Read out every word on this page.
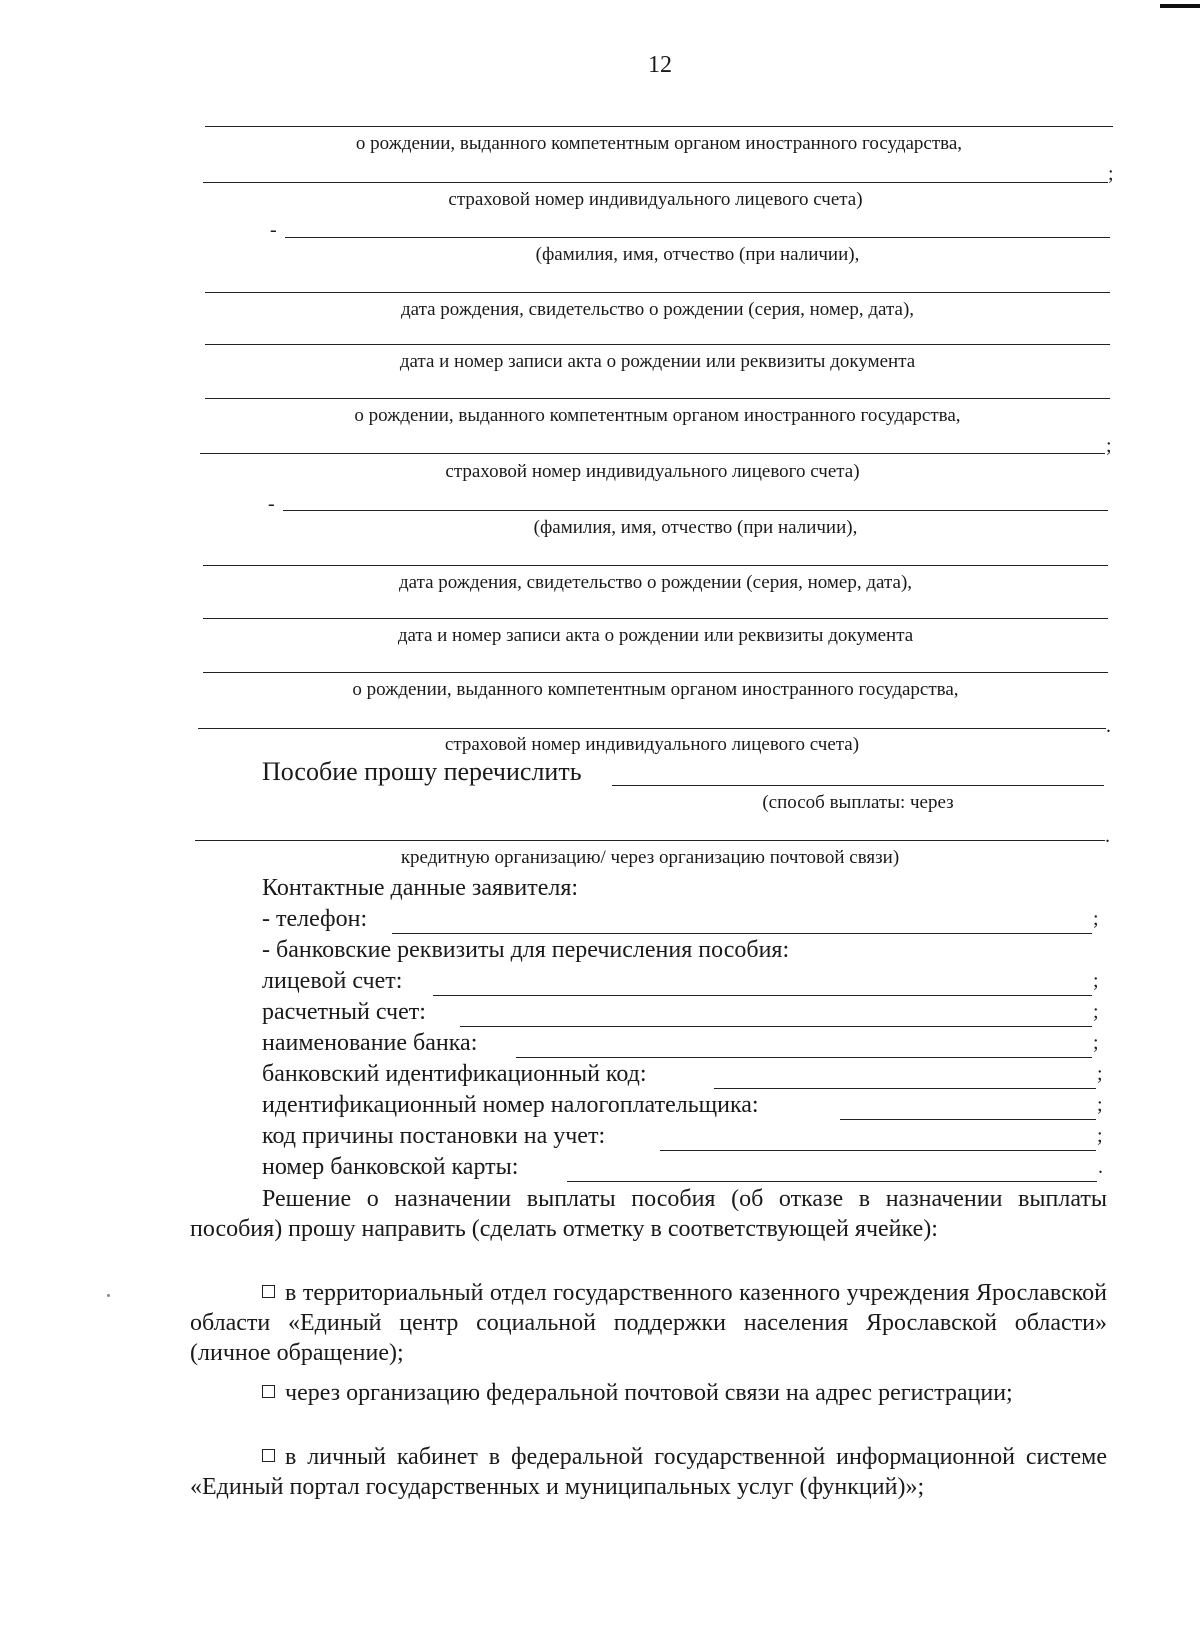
12
о рождении, выданного компетентным органом иностранного государства,
;
страховой номер индивидуального лицевого счета)
-
(фамилия, имя, отчество (при наличии),
дата рождения, свидетельство о рождении (серия, номер, дата),
дата и номер записи акта о рождении или реквизиты документа
о рождении, выданного компетентным органом иностранного государства,
;
страховой номер индивидуального лицевого счета)
-
(фамилия, имя, отчество (при наличии),
дата рождения, свидетельство о рождении (серия, номер, дата),
дата и номер записи акта о рождении или реквизиты документа
о рождении, выданного компетентным органом иностранного государства,
.
страховой номер индивидуального лицевого счета)
Пособие прошу перечислить
(способ выплаты: через
.
кредитную организацию/ через организацию почтовой связи)
Контактные данные заявителя:
- телефон:	;
- банковские реквизиты для перечисления пособия:
лицевой счет:	;
расчетный счет:	;
наименование банка:	;
банковский идентификационный код:	;
идентификационный номер налогоплательщика:	;
код причины постановки на учет:	;
номер банковской карты:	.
Решение о назначении выплаты пособия (об отказе в назначении выплаты пособия) прошу направить (сделать отметку в соответствующей ячейке):
в территориальный отдел государственного казенного учреждения Ярославской области «Единый центр социальной поддержки населения Ярославской области» (личное обращение);
через организацию федеральной почтовой связи на адрес регистрации;
в личный кабинет в федеральной государственной информационной системе «Единый портал государственных и муниципальных услуг (функций)»;
